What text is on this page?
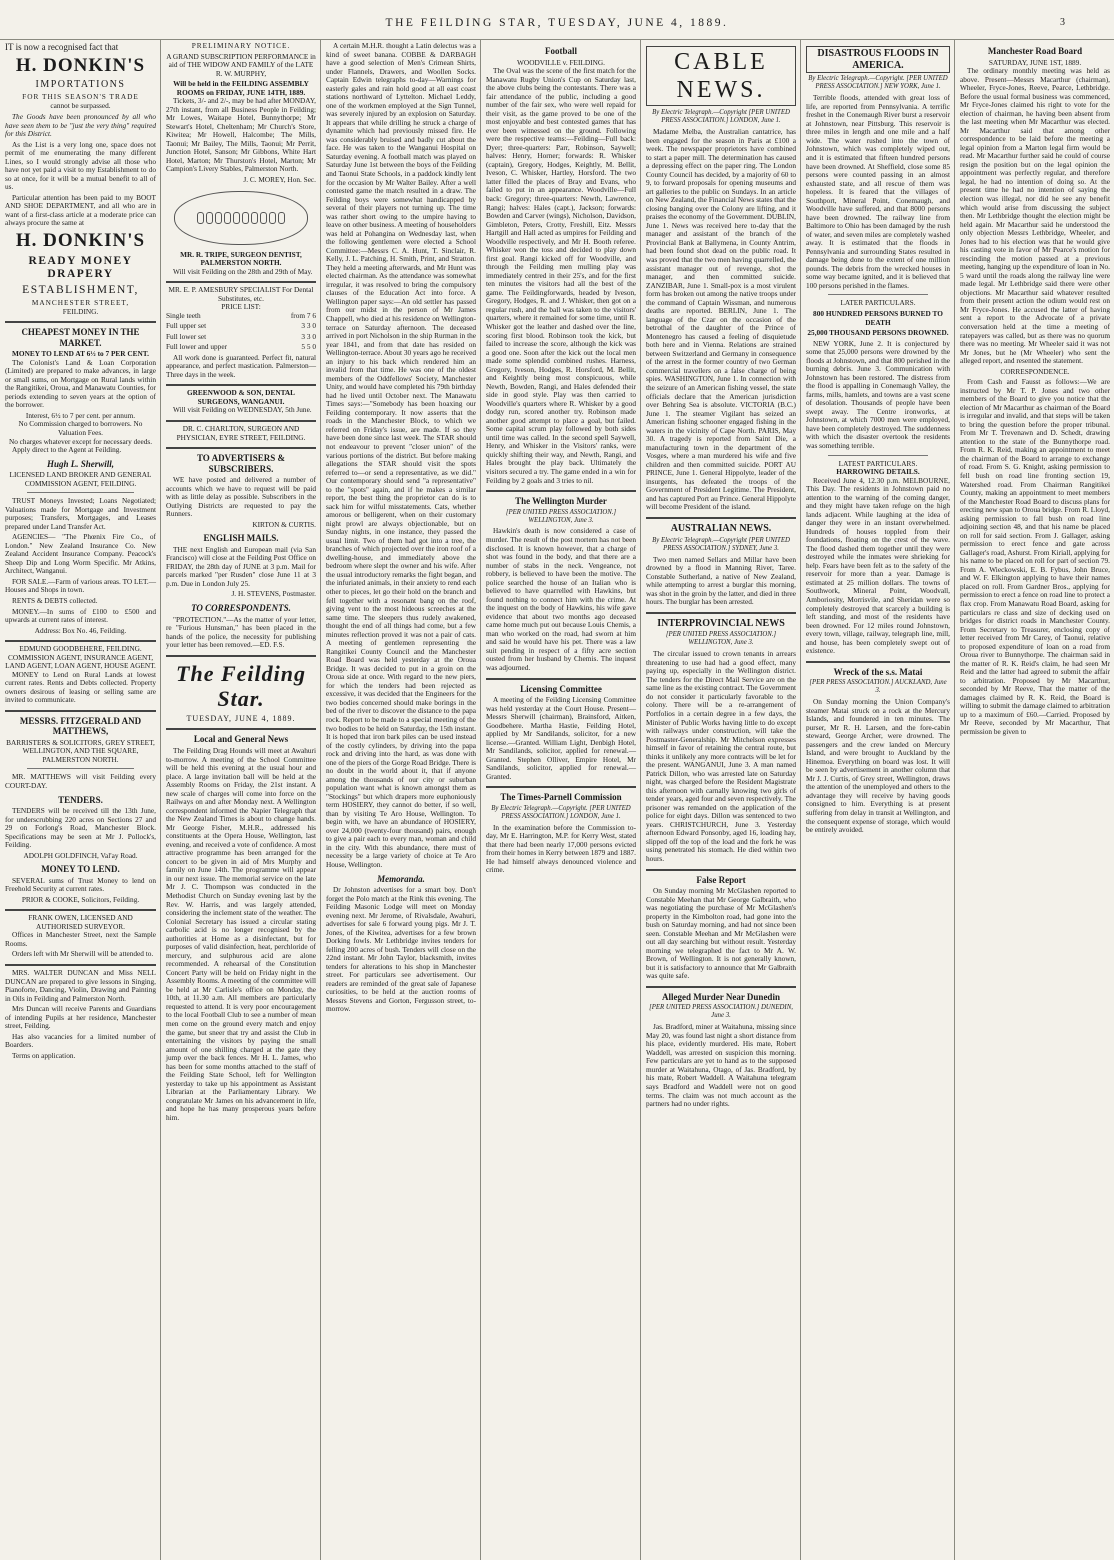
THE FEILDING STAR, TUESDAY, JUNE 4, 1889.	3

IT is now a recognised fact that

H. DONKIN'S
IMPORTATIONS
FOR THIS SEASON'S TRADE
cannot be surpassed.

The Goods have been pronounced by all who have seen them to be "just the very thing" required for this District.

As the List is a very long one, space does not permit of me enumerating the many different Lines, so I would strongly advise all those who have not yet paid a visit to my Establishment to do so at once, for it will be a mutual benefit to all of us.

Particular attention has been paid to my BOOT AND SHOE DEPARTMENT, and all who are in want of a first-class article at a moderate price can always procure the same at

H. DONKIN'S
READY MONEY DRAPERY
ESTABLISHMENT,
MANCHESTER STREET,
FEILDING.
CHEAPEST MONEY IN THE MARKET.
MONEY TO LEND AT 6½ to 7 PER CENT.

The Colonist's Land & Loan Corporation (Limited) are prepared to make advances, in large or small sums, on Mortgage on Rural lands within the Rangitikei, Oroua, and Manawatu Counties, for periods extending to seven years at the option of the borrower.

Interest, 6½ to 7 per cent. per annum.
No Commission charged to borrowers. No Valuation Fees.
No charges whatever except for necessary deeds.

Apply direct to the Agent at Feilding.

Hugh L. Sherwill,
LICENSED LAND BROKER AND GENERAL COMMISSION AGENT, FEILDING.

TRUST Moneys Invested; Loans Negotiated; Valuations made for Mortgage and Investment purposes; Transfers, Mortgages, and Leases prepared under Land Transfer Act.

AGENCIES— "The Phœnix Fire Co., of London." New Zealand Insurance Co. New Zealand Accident Insurance Company. Peacock's Sheep Dip and Long Worm Specific. Mr Atkins, Architect, Wanganui.

FOR SALE.—Farm of various areas. TO LET.—Houses and Shops in town.

RENTS & DEBTS collected.

MONEY.—In sums of £100 to £500 and upwards at current rates of interest.

Address: Box No. 46, Feilding.
EDMUND GOODBEHERE, FEILDING. COMMISSION AGENT, INSURANCE AGENT, LAND AGENT, LOAN AGENT, HOUSE AGENT.

MONEY to Lend on Rural Lands at lowest current rates. Rents and Debts collected. Property owners desirous of leasing or selling same are invited to communicate.

MESSRS. FITZGERALD AND MATTHEWS,
BARRISTERS & SOLICITORS, GREY STREET, WELLINGTON, AND THE SQUARE, PALMERSTON NORTH.

MR. MATTHEWS will visit Feilding every COURT-DAY.

TENDERS.

TENDERS will be received till the 13th June, for underscrubbing 220 acres on Sections 27 and 29 on Forlong's Road, Manchester Block. Specifications may be seen at Mr J. Pollock's, Feilding.

ADOLPH GOLDFINCH, Val'ay Road.
MONEY TO LEND.

SEVERAL sums of Trust Money to lend on Freehold Security at current rates.

PRIOR & COOKE, Solicitors, Feilding.
FRANK OWEN, LICENSED AND AUTHORISED SURVEYOR.

Offices in Manchester Street, next the Sample Rooms.

Orders left with Mr Sherwill will be attended to.

MRS. WALTER DUNCAN and Miss NELL DUNCAN are prepared to give lessons in Singing, Pianoforte, Dancing, Violin, Drawing and Painting in Oils in Feilding and Palmerston North.

Mrs Duncan will receive Parents and Guardians of intending Pupils at her residence, Manchester street, Feilding.

Has also vacancies for a limited number of Boarders.

Terms on application.

PRELIMINARY NOTICE.
A GRAND SUBSCRIPTION PERFORMANCE in aid of THE WIDOW AND FAMILY of the LATE R. W. MURPHY,
Will be held in the FEILDING ASSEMBLY ROOMS on FRIDAY, JUNE 14TH, 1889.

Tickets, 3/- and 2/-, may be had after MONDAY, 27th instant, from all Business People in Feilding; Mr Lowes, Waitape Hotel, Bunnythorpe; Mr Stewart's Hotel, Cheltenham; Mr Church's Store, Kiwitea; Mr Howell, Halcombe; The Mills, Taonui; Mr Bailey, The Mills, Taonui; Mr Perrit, Junction Hotel, Sanson; Mr Gibbons, White Hart Hotel, Marton; Mr Thurston's Hotel, Marton; Mr Campion's Livery Stables, Palmerston North.

J. C. MOREY, Hon. Sec.
MR. R. TRIPE, SURGEON DENTIST, PALMERSTON NORTH.

Will visit Feilding on the 28th and 29th of May.

MR. E. P. AMESBURY SPECIALIST For Dental Substitutes, etc.
PRICE LIST:

Single teeth	from 7 6

Full upper set	3 3 0

Full lower set	3 3 0

Full lower and upper	5 5 0

All work done is guaranteed. Perfect fit, natural appearance, and perfect mastication. Palmerston—Three days in the week.

GREENWOOD & SON, DENTAL SURGEONS, WANGANUI.

Will visit Feilding on WEDNESDAY, 5th June.

DR. C. CHARLTON, SURGEON AND PHYSICIAN, EYRE STREET, FEILDING.
TO ADVERTISERS & SUBSCRIBERS.

WE have posted and delivered a number of accounts which we have to request will be paid with as little delay as possible. Subscribers in the Outlying Districts are requested to pay the Runners.

KIRTON & CURTIS.
ENGLISH MAILS.

THE next English and European mail (via San Francisco) will close at the Feilding Post Office on FRIDAY, the 28th day of JUNE at 3 p.m. Mail for parcels marked "per Rusden" close June 11 at 3 p.m. Due in London July 25.

J. H. STEVENS, Postmaster.
TO CORRESPONDENTS.

"PROTECTION."—As the matter of your letter, re "Furious Hunsman," has been placed in the hands of the police, the necessity for publishing your letter has been removed.—ED. F.S.

The Feilding Star.
TUESDAY, JUNE 4, 1889.
Local and General News

The Feilding Drag Hounds will meet at Awahuri to-morrow. A meeting of the School Committee will be held this evening at the usual hour and place. A large invitation ball will be held at the Assembly Rooms on Friday, the 21st instant. A new scale of charges will come into force on the Railways on and after Monday next. A Wellington correspondent informed the Napier Telegraph that the New Zealand Times is about to change hands. Mr George Fisher, M.H.R., addressed his constituents at the Opera House, Wellington, last evening, and received a vote of confidence. A most attractive programme has been arranged for the concert to be given in aid of Mrs Murphy and family on June 14th. The programme will appear in our next issue. The memorial service on the late Mr J. C. Thompson was conducted in the Methodist Church on Sunday evening last by the Rev. W. Harris, and was largely attended, considering the inclement state of the weather. The Colonial Secretary has issued a circular stating carbolic acid is no longer recognised by the authorities at Home as a disinfectant, but for purposes of valid disinfection, heat, perchloride of mercury, and sulphurous acid are alone recommended. A rehearsal of the Constitution Concert Party will be held on Friday night in the Assembly Rooms. A meeting of the committee will be held at Mr Carlisle's office on Monday, the 10th, at 11.30 a.m. All members are particularly requested to attend. It is very poor encouragement to the local Football Club to see a number of mean men come on the ground every match and enjoy the game, but sneer that try and assist the Club in entertaining the visitors by paying the small amount of one shilling charged at the gate they jump over the back fences. Mr H. L. James, who has been for some months attached to the staff of the Feilding State School, left for Wellington yesterday to take up his appointment as Assistant Librarian at the Parliamentary Library. We congratulate Mr James on his advancement in life, and hope he has many prosperous years before him.

A certain M.H.R. thought a Latin delectus was a kind of sweet banana. COBBE & DARBAGH have a good selection of Men's Crimean Shirts, under Flannels, Drawers, and Woollen Socks. Captain Edwin telegraphs to-day—Warnings for easterly gales and rain hold good at all east coast stations northward of Lyttelton. Michael Leddy, one of the workmen employed at the Sign Tunnel, was severely injured by an explosion on Saturday. It appears that while drilling he struck a charge of dynamite which had previously missed fire. He was considerably bruised and badly cut about the face. He was taken to the Wanganui Hospital on Saturday evening. A football match was played on Saturday June 1st between the boys of the Feilding and Taonui State Schools, in a paddock kindly lent for the occasion by Mr Walter Bailey. After a well contested game the match resulted in a draw. The Feilding boys were somewhat handicapped by several of their players not turning up. The time was rather short owing to the umpire having to leave on other business. A meeting of householders was held at Pohangina on Wednesday last, when the following gentlemen were elected a School Committee:—Messrs C. A. Hunt, T. Sinclair, R. Kelly, J. L. Patching, H. Smith, Print, and Stratton. They held a meeting afterwards, and Mr Hunt was elected chairman. As the attendance was somewhat irregular, it was resolved to bring the compulsory clauses of the Education Act into force. A Wellington paper says:—An old settler has passed from our midst in the person of Mr James Chappell, who died at his residence on Wellington-terrace on Saturday afternoon. The deceased arrived in port Nicholson in the ship Rurman in the year 1841, and from that date has resided on Wellington-terrace. About 30 years ago he received an injury to his back which rendered him an invalid from that time. He was one of the oldest members of the Oddfellows' Society, Manchester Unity, and would have completed his 79th birthday had he lived until October next. The Manawatu Times says:—"Somebody has been hoaxing our Feilding contemporary. It now asserts that the roads in the Manchester Block, to which we referred on Friday's issue, are made. If so they have been done since last week. The STAR should not endeavour to prevent "closer union" of the various portions of the district. But before making allegations the STAR should visit the spots referred to—or send a representative, as we did." Our contemporary should send "a representative" to the "spots" again, and if he makes a similar report, the best thing the proprietor can do is to sack him for wilful misstatements. Cats, whether amorous or belligerent, when on their customary night prowl are always objectionable, but on Sunday nights, in one instance, they passed the usual limit. Two of them had got into a tree, the branches of which projected over the iron roof of a dwelling-house, and immediately above the bedroom where slept the owner and his wife. After the usual introductory remarks the fight began, and the infuriated animals, in their anxiety to rend each other to pieces, let go their hold on the branch and fell together with a resonant bang on the roof, giving vent to the most hideous screeches at the same time. The sleepers thus rudely awakened, thought the end of all things had come, but a few minutes reflection proved it was not a pair of cats. A meeting of gentlemen representing the Rangitikei County Council and the Manchester Road Board was held yesterday at the Oroua Bridge. It was decided to put in a groin on the Oroua side at once. With regard to the new piers, for which the tenders had been rejected as excessive, it was decided that the Engineers for the two bodies concerned should make borings in the bed of the river to discover the distance to the papa rock. Report to be made to a special meeting of the two bodies to be held on Saturday, the 15th instant. It is hoped that iron bark piles can be used instead of the costly cylinders, by driving into the papa rock and driving into the hard, as was done with one of the piers of the Gorge Road Bridge. There is no doubt in the world about it, that if anyone among the thousands of our city or suburban population want what is known amongst them as "Stockings" but which drapers more euphoniously term HOSIERY, they cannot do better, if so well, than by visiting Te Aro House, Wellington. To begin with, we have an abundance of HOSIERY, over 24,000 (twenty-four thousand) pairs, enough to give a pair each to every man, woman and child in the city. With this abundance, there must of necessity be a large variety of choice at Te Aro House, Wellington.

Memoranda.

Dr Johnston advertises for a smart boy. Don't forget the Polo match at the Rink this evening. The Feilding Masonic Lodge will meet on Monday evening next. Mr Jerome, of Rivalsdale, Awahuri, advertises for sale 6 forward young pigs. Mr J. T. Jones, of the Kiwitea, advertises for a few brown Dorking fowls. Mr Lethbridge invites tenders for felling 200 acres of bush. Tenders will close on the 22nd instant. Mr John Taylor, blacksmith, invites tenders for alterations to his shop in Manchester street. For particulars see advertisement. Our readers are reminded of the great sale of Japanese curiosities, to be held at the auction rooms of Messrs Stevens and Gorton, Fergusson street, to-morrow.

Football
WOODVILLE v. FEILDING.

The Oval was the scene of the first match for the Manawatu Rugby Union's Cup on Saturday last, the above clubs being the contestants. There was a fair attendance of the public, including a good number of the fair sex, who were well repaid for their visit, as the game proved to be one of the most enjoyable and best contested games that has ever been witnessed on the ground. Following were the respective teams:—Feilding—Full back: Dyer; three-quarters: Parr, Robinson, Saywell; halves: Henry, Horner; forwards: R. Whisker (captain), Gregory, Hodges, Keightly, M. Bellit, Iveson, C. Whisker, Hartley, Horsford. The two latter filled the places of Bray and Evans, who failed to put in an appearance. Woodville—Full back: Gregory; three-quarters: Newth, Lawrence, Rangi; halves: Hales (capt.), Jackson; forwards: Bowden and Carver (wings), Nicholson, Davidson, Gimbleton, Peters, Crotty, Freshill, Eitz. Messrs Hartgill and Hall acted as umpires for Feilding and Woodville respectively, and Mr H. Booth referee. Whisker won the toss and decided to play down first goal. Rangi kicked off for Woodville, and through the Feilding men mulling play was immediately centred in their 25's, and for the first ten minutes the visitors had all the best of the game. The Feildingforwards, headed by Iveson, Gregory, Hodges, R. and J. Whisker, then got on a regular rush, and the ball was taken to the visitors' quarters, where it remained for some time, until R. Whisker got the leather and dashed over the line, scoring first blood. Robinson took the kick, but failed to increase the score, although the kick was a good one. Soon after the kick out the local men made some splendid combined rushes. Harness, Gregory, Iveson, Hodges, R. Horsford, M. Bellit, and Keightly being most conspicuous, while Newth, Bowden, Rangi, and Hales defended their side in good style. Play was then carried to Woodville's quarters where R. Whisker by a good dodgy run, scored another try. Robinson made another good attempt to place a goal, but failed. Some capital scrum play followed by both sides until time was called. In the second spell Saywell, Henry, and Whisker in the Visitors' ranks, were quickly shifting their way, and Newth, Rangi, and Hales brought the play back. Ultimately the visitors secured a try. The game ended in a win for Feilding by 2 goals and 3 tries to nil.

The Wellington Murder
[PER UNITED PRESS ASSOCIATION.] WELLINGTON, June 3.

Hawkin's death is now considered a case of murder. The result of the post mortem has not been disclosed. It is known however, that a charge of shot was found in the body, and that there are a number of stabs in the neck. Vengeance, not robbery, is believed to have been the motive. The police searched the house of an Italian who is believed to have quarrelled with Hawkins, but found nothing to connect him with the crime. At the inquest on the body of Hawkins, his wife gave evidence that about two months ago deceased came home much put out because Louis Chemis, a man who worked on the road, had sworn at him and said he would have his pet. There was a law suit pending in respect of a fifty acre section ousted from her husband by Chemis. The inquest was adjourned.

Licensing Committee

A meeting of the Feilding Licensing Committee was held yesterday at the Court House. Present—Messrs Sherwill (chairman), Brainsford, Aitken, Goodbehere. Martha Hastie, Feilding Hotel, applied by Mr Sandilands, solicitor, for a new license.—Granted. William Light, Denbigh Hotel, Mr Sandilands, solicitor, applied for renewal.—Granted. Stephen Olliver, Empire Hotel, Mr Sandilands, solicitor, applied for renewal.—Granted.

The Times-Parnell Commission
By Electric Telegraph.—Copyright. [PER UNITED PRESS ASSOCIATION.] LONDON, June 1.

In the examination before the Commission to-day, Mr E. Harrington, M.P. for Kerry West, stated that there had been nearly 17,000 persons evicted from their homes in Kerry between 1879 and 1887. He had himself always denounced violence and crime.

CABLE NEWS.
By Electric Telegraph.—Copyright [PER UNITED PRESS ASSOCIATION.] LONDON, June 1.

Madame Melba, the Australian cantatrice, has been engaged for the season in Paris at £100 a week. The newspaper proprietors have combined to start a paper mill. The determination has caused a depressing effect on the paper ring. The London County Council has decided, by a majority of 60 to 9, to forward proposals for opening museums and art galleries to the public on Sundays. In an article on New Zealand, the Financial News states that the closing banging over the Colony are lifting, and it praises the economy of the Government. DUBLIN, June 1. News was received here to-day that the manager and assistant of the branch of the Provincial Bank at Ballymena, in County Antrim, had been found shot dead on the public road. It was proved that the two men having quarrelled, the assistant manager out of revenge, shot the manager, and then committed suicide. ZANZIBAR, June 1. Small-pox is a most virulent form has broken out among the native troops under the command of Captain Wissman, and numerous deaths are reported. BERLIN, June 1. The language of the Czar on the occasion of the betrothal of the daughter of the Prince of Montenegro has caused a feeling of disquietude both here and in Vienna. Relations are strained between Switzerland and Germany in consequence of the arrest in the former country of two German commercial travellers on a false charge of being spies. WASHINGTON, June 1. In connection with the seizure of an American fishing vessel, the state officials declare that the American jurisdiction over Behring Sea is absolute. VICTORIA (B.C.) June 1. The steamer Vigilant has seized an American fishing schooner engaged fishing in the waters in the vicinity of Cape North. PARIS, May 30. A tragedy is reported from Saint Die, a manufacturing town in the department of the Vosges, where a man murdered his wife and five children and then committed suicide. PORT AU PRINCE, June 1. General Hippolyte, leader of the insurgents, has defeated the troops of the Government of President Legitime. The President, and has captured Port au Prince. General Hippolyte will become President of the island.

AUSTRALIAN NEWS.
By Electric Telegraph.—Copyright [PER UNITED PRESS ASSOCIATION.] SYDNEY, June 3.

Two men named Sellars and Millar have been drowned by a flood in Manning River, Taree. Constable Sutherland, a native of New Zealand, while attempting to arrest a burglar this morning, was shot in the groin by the latter, and died in three hours. The burglar has been arrested.

INTERPROVINCIAL NEWS
[PER UNITED PRESS ASSOCIATION.] WELLINGTON, June 3.

The circular issued to crown tenants in arrears threatening to use had had a good effect, many paying up, especially in the Wellington district. The tenders for the Direct Mail Service are on the same line as the existing contract. The Government do not consider it particularly favorable to the colony. There will be a re-arrangement of Portfolios in a certain degree in a few days, the Minister of Public Works having little to do except with railways under construction, will take the Postmaster-Generalship. Mr Mitchelson expresses himself in favor of retaining the central route, but thinks it unlikely any more contracts will be let for the present. WANGANUI, June 3. A man named Patrick Dillon, who was arrested late on Saturday night, was charged before the Resident Magistrate this afternoon with carnally knowing two girls of tender years, aged four and seven respectively. The prisoner was remanded on the application of the police for eight days. Dillon was sentenced to two years. CHRISTCHURCH, June 3. Yesterday afternoon Edward Ponsonby, aged 16, loading hay, slipped off the top of the load and the fork he was using penetrated his stomach. He died within two hours.

False Report

On Sunday morning Mr McGlashen reported to Constable Meehan that Mr George Galbraith, who was negotiating the purchase of Mr McGlashen's property in the Kimbolton road, had gone into the bush on Saturday morning, and had not since been seen. Constable Meehan and Mr McGlashen were out all day searching but without result. Yesterday morning we telegraphed the fact to Mr A. W. Brown, of Wellington. It is not generally known, but it is satisfactory to announce that Mr Galbraith was quite safe.

Alleged Murder Near Dunedin
[PER UNITED PRESS ASSOCIATION.] DUNEDIN, June 3.

Jas. Bradford, miner at Waitahuna, missing since May 20, was found last night a short distance from his place, evidently murdered. His mate, Robert Waddell, was arrested on suspicion this morning. Few particulars are yet to hand as to the supposed murder at Waitahuna, Otago, of Jas. Bradford, by his mate, Robert Waddell. A Waitahuna telegram says Bradford and Waddell were not on good terms. The claim was not much account as the partners had no under rights.

DISASTROUS FLOODS IN AMERICA.
By Electric Telegraph.—Copyright. [PER UNITED PRESS ASSOCIATION.] NEW YORK, June 1.

Terrible floods, attended with great loss of life, are reported from Pennsylvania. A terrific freshet in the Conemaugh River burst a reservoir at Johnstown, near Pittsburg. This reservoir is three miles in length and one mile and a half wide. The water rushed into the town of Johnstown, which was completely wiped out, and it is estimated that fifteen hundred persons have been drowned. At Sheffield, close some 85 persons were counted passing in an almost exhausted state, and all rescue of them was hopeless. It is feared that the villages of Southport, Mineral Point, Conemaugh, and Woodville have suffered, and that 8000 persons have been drowned. The railway line from Baltimore to Ohio has been damaged by the rush of water, and seven miles are completely washed away. It is estimated that the floods in Pennsylvania and surrounding States resulted in damage being done to the extent of one million pounds. The debris from the wrecked houses in some way became ignited, and it is believed that 100 persons perished in the flames.

LATER PARTICULARS.
800 HUNDRED PERSONS BURNED TO DEATH
25,000 THOUSAND PERSONS DROWNED.

NEW YORK, June 2. It is conjectured by some that 25,000 persons were drowned by the floods at Johnstown, and that 800 perished in the burning debris. June 3. Communication with Johnstown has been restored. The distress from the flood is appalling in Conemaugh Valley, the farms, mills, hamlets, and towns are a vast scene of desolation. Thousands of people have been swept away. The Centre ironworks, at Johnstown, at which 7000 men were employed, have been completely destroyed. The suddenness with which the disaster overtook the residents was something terrible.

LATEST PARTICULARS.
HARROWING DETAILS.

Received June 4, 12.30 p.m. MELBOURNE, This Day. The residents in Johnstown paid no attention to the warning of the coming danger, and they might have taken refuge on the high lands adjacent. While laughing at the idea of danger they were in an instant overwhelmed. Hundreds of houses toppled from their foundations, floating on the crest of the wave. The flood dashed them together until they were destroyed while the inmates were shrieking for help. Fears have been felt as to the safety of the reservoir for more than a year. Damage is estimated at 25 million dollars. The towns of Southwork, Mineral Point, Woodvall, Amboriosity, Morrisvile, and Sheridan were so completely destroyed that scarcely a building is left standing, and most of the residents have been drowned. For 12 miles round Johnstown, every town, village, railway, telegraph line, mill, and house, has been completely swept out of existence.

Wreck of the s.s. Matai
[PER PRESS ASSOCIATION.] AUCKLAND, June 3.

On Sunday morning the Union Company's steamer Matai struck on a rock at the Mercury Islands, and foundered in ten minutes. The purser, Mr R. H. Larsen, and the fore-cabin steward, George Archer, were drowned. The passengers and the crew landed on Mercury Island, and were brought to Auckland by the Hinemoa. Everything on board was lost. It will be seen by advertisement in another column that Mr J. J. Curtis, of Grey street, Wellington, draws the attention of the unemployed and others to the advantage they will receive by having goods consigned to him. Everything is at present suffering from delay in transit at Wellington, and the consequent expense of storage, which would be entirely avoided.

Manchester Road Board
SATURDAY, JUNE 1ST, 1889.

The ordinary monthly meeting was held as above. Present—Messrs Macarthur (chairman), Wheeler, Fryce-Jones, Reeve, Pearce, Lethbridge. Before the usual formal business was commenced, Mr Fryce-Jones claimed his right to vote for the election of chairman, he having been absent from the last meeting when Mr Macarthur was elected. Mr Macarthur said that among other correspondence to be laid before the meeting a legal opinion from a Marton legal firm would be read. Mr Macarthur further said he could of course resign the position but on the legal opinion the appointment was perfectly regular, and therefore legal, he had no intention of doing so. At the present time he had no intention of saying the election was illegal, nor did he see any benefit which would arise from discussing the subject then. Mr Lethbridge thought the election might be held again. Mr Macarthur said he understood the only objection Messrs Lethbridge, Wheeler, and Jones had to his election was that he would give his casting vote in favor of Mr Pearce's motion for rescinding the motion passed at a previous meeting, hanging up the expenditure of loan in No. 5 ward until the roads along the railway line were made legal. Mr Lethbridge said there were other objections. Mr Macarthur said whatever resulted from their present action the odium would rest on Mr Fryce-Jones. He accused the latter of having sent a report to the Advocate of a private conversation held at the time a meeting of ratepayers was called, but as there was no quorum there was no meeting. Mr Wheeler said it was not Mr Jones, but he (Mr Wheeler) who sent the alleged report, and resented the statement.

CORRESPONDENCE.

From Cash and Fausst as follows:—We are instructed by Mr T. P. Jones and two other members of the Board to give you notice that the election of Mr Macarthur as chairman of the Board is irregular and invalid, and that steps will be taken to bring the question before the proper tribunal. From Mr T. Trevenawn and D. Schedt, drawing attention to the state of the Bunnythorpe road. From R. K. Reid, making an appointment to meet the chairman of the Board to arrange to exchange of road. From S. G. Knight, asking permission to fell bush on road line fronting section 19, Watershed road. From Chairman Rangitikei County, making an appointment to meet members of the Manchester Road Board to discuss plans for erecting new span to Oroua bridge. From R. Lloyd, asking permission to fall bush on road line adjoining section 48, and that his name be placed on roll for said section. From J. Gallager, asking permission to erect fence and gate across Gallager's road, Ashurst. From Kiriall, applying for his name to be placed on roll for part of section 79. From A. Wieckowski, E. B. Fybus, John Bruce, and W. F. Elkington applying to have their names placed on roll. From Gardner Bros., applying for permission to erect a fence on road line to protect a flax crop. From Manawatu Road Board, asking for particulars re class and size of decking used on bridges for district roads in Manchester County. From Secretary to Treasurer, enclosing copy of letter received from Mr Carey, of Taonui, relative to proposed expenditure of loan on a road from Oroua river to Bunnythorpe. The chairman said in the matter of R. K. Reid's claim, he had seen Mr Reid and the latter had agreed to submit the affair to arbitration. Proposed by Mr Macarthur, seconded by Mr Reeve, That the matter of the damages claimed by R. K. Reid, the Board is willing to submit the damage claimed to arbitration up to a maximum of £60.—Carried. Proposed by Mr Reeve, seconded by Mr Macarthur, That permission be given to
